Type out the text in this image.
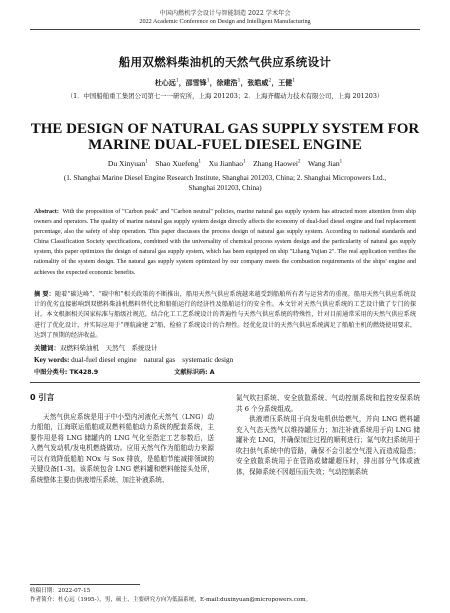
中国内燃机学会设计与智能制造 2022 学术年会
2022 Academic Conference on Design and Intelligent Manufacturing
船用双燃料柴油机的天然气供应系统设计
杜心远$^1$，邵雪锋$^1$，徐建浩$^1$，张皓威$^2$，王健$^1$
（1．中国船舶重工集团公司第七一一研究所，上海 201203；2．上海齐耀动力技术有限公司，上海 201203）
THE DESIGN OF NATURAL GAS SUPPLY SYSTEM FOR MARINE DUAL-FUEL DIESEL ENGINE
Du Xinyuan$^1$ Shao Xuefeng$^1$ Xu Jianhao$^1$ Zhang Haowei$^2$ Wang Jian$^1$
(1. Shanghai Marine Diesel Engine Research Institute, Shanghai 201203, China; 2. Shanghai Micropowers Ltd., Shanghai 201203, China)
Abstract: With the proposition of "Carbon peak" and "Carbon neutral" policies, marine natural gas supply system has attracted more attention from ship owners and operators. The quality of marine natural gas supply system design directly affects the economy of dual-fuel diesel engine and fuel replacement percentage, also the safety of ship operation. This paper discusses the process design of natural gas supply system. According to national standards and China Classification Society specifications, combined with the universality of chemical process system design and the particularity of natural gas supply system, this paper optimizes the design of natural gas supply system, which has been equipped on ship "Lihang Yujian 2". The real application verifies the rationality of the system design. The natural gas supply system optimized by our company meets the combustion requirements of the ships' engine and achieves the expected economic benefits.
摘 要：随着“碳达峰”、“碳中和”相关政策的不断推出，船用天然气供应系统越来越受到船舶所有者与运营者的重视。船用天然气供应系统设计的优劣直接影响到双燃料柴油机燃料替代比和船舶运行的经济性及船舶运行的安全性。本文针对天然气供应系统的工艺设计做了专门的探讨。本文根据相关国家标准与船级社规范，结合化工工艺系统设计的普遍性与天然气供应系统的特殊性，针对目前通常采用的天然气供应系统进行了优化设计，并实际应用于“理航渝建 2”船，检验了系统设计的合理性。经优化设计的天然气供应系统满足了船舶主机的燃烧使用要求，达到了预期的经济收益。
关键词：双燃料柴油机　天然气　系统设计
Key words: dual-fuel diesel engine　natural gas　systematic design
中图分类号: TK428.9	文献标识码: A
0 引言

天然气供应系统是用于中小型内河液化天然气（LNG）动力船舶，江海联运船舶或双燃料船舶动力系统的配套系统，主要作用是将 LNG 储罐内的 LNG 气化至指定工艺参数后，送入燃气发动机/发电机燃烧做功。应用天然气作为船舶动力来源可以有效降低船舶 NOx 与 Sox 排放，是船舶节能减排领域的关键设备[1-3]。该系统包含 LNG 燃料罐和燃料舱接头处所，系统整体主要由供液增压系统、加注补液系统、

氮气吹扫系统、安全放散系统、气动控制系统和监控安保系统共 6 个分系统组成。

供液增压系统用于向发电机供给燃气，并向 LNG 燃料罐充入气态天然气以维持罐压力；加注补液系统用于向 LNG 储罐补充 LNG，并确保加注过程的顺利进行；氮气吹扫系统用于吹扫供气系统中的管路，确保不会引起空气混入而造成隐患；安全放散系统用于在管路或储罐超压时，排出部分气体或液体，保障系统不因超压而失效；气动控制系统

收稿日期：2022-07-15
作者简介：杜心远（1995-），男，硕士，主要研究方向为低温系统，E-mail:duxinyuan@micropowers.com。
